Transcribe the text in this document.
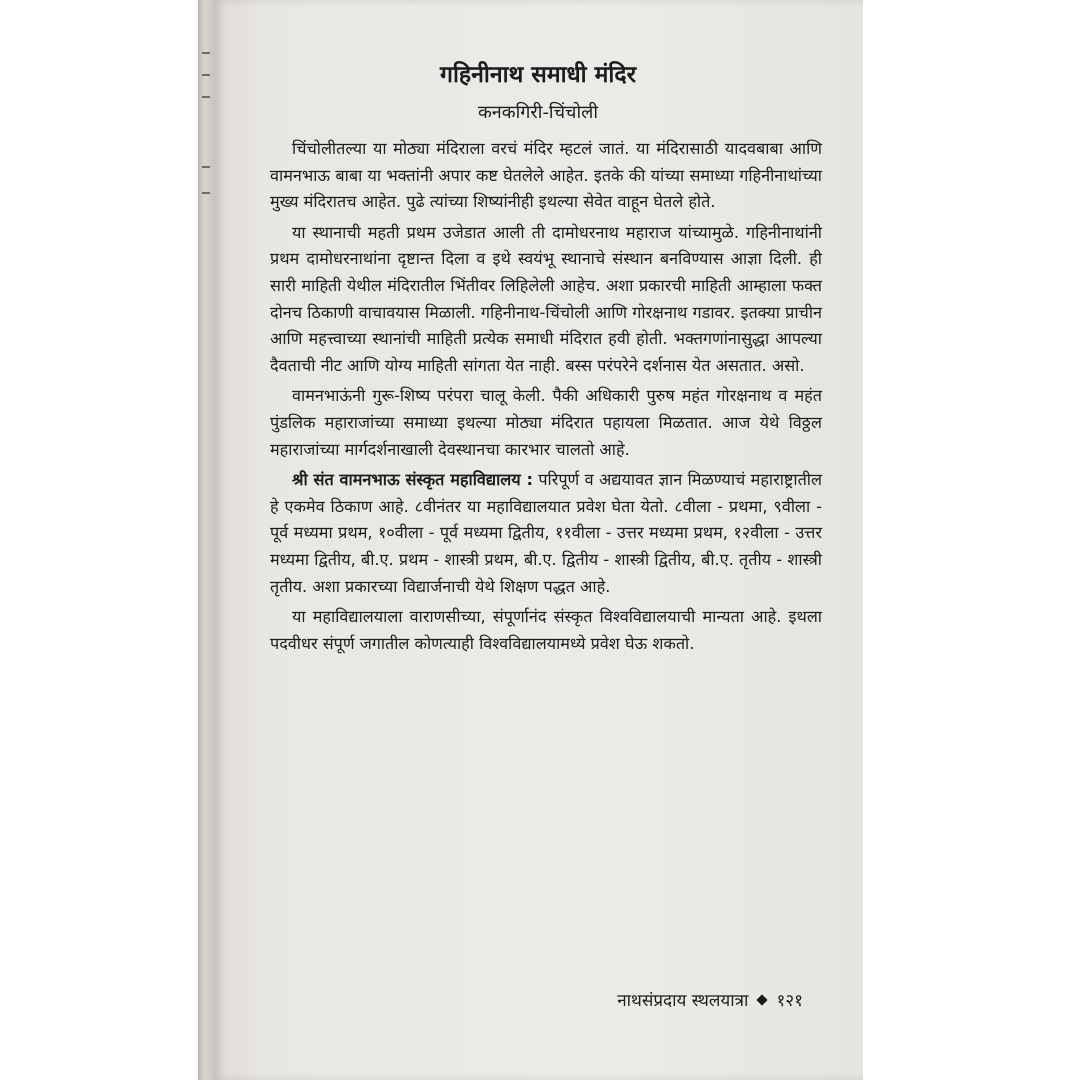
गहिनीनाथ समाधी मंदिर
कनकगिरी-चिंचोली

चिंचोलीतल्या या मोठ्या मंदिराला वरचं मंदिर म्हटलं जातं. या मंदिरासाठी यादवबाबा आणि वामनभाऊ बाबा या भक्तांनी अपार कष्ट घेतलेले आहेत. इतके की यांच्या समाध्या गहिनीनाथांच्या मुख्य मंदिरातच आहेत. पुढे त्यांच्या शिष्यांनीही इथल्या सेवेत वाहून घेतले होते.

या स्थानाची महती प्रथम उजेडात आली ती दामोधरनाथ महाराज यांच्यामुळे. गहिनीनाथांनी प्रथम दामोधरनाथांना दृष्टान्त दिला व इथे स्वयंभू स्थानाचे संस्थान बनविण्यास आज्ञा दिली. ही सारी माहिती येथील मंदिरातील भिंतीवर लिहिलेली आहेच. अशा प्रकारची माहिती आम्हाला फक्त दोनच ठिकाणी वाचावयास मिळाली. गहिनीनाथ-चिंचोली आणि गोरक्षनाथ गडावर. इतक्या प्राचीन आणि महत्त्वाच्या स्थानांची माहिती प्रत्येक समाधी मंदिरात हवी होती. भक्तगणांनासुद्धा आपल्या दैवताची नीट आणि योग्य माहिती सांगता येत नाही. बस्स परंपरेने दर्शनास येत असतात. असो.

वामनभाऊंनी गुरू-शिष्य परंपरा चालू केली. पैकी अधिकारी पुरुष महंत गोरक्षनाथ व महंत पुंडलिक महाराजांच्या समाध्या इथल्या मोठ्या मंदिरात पहायला मिळतात. आज येथे विठ्ठल महाराजांच्या मार्गदर्शनाखाली देवस्थानचा कारभार चालतो आहे.

श्री संत वामनभाऊ संस्कृत महाविद्यालय : परिपूर्ण व अद्ययावत ज्ञान मिळण्याचं महाराष्ट्रातील हे एकमेव ठिकाण आहे. ८वीनंतर या महाविद्यालयात प्रवेश घेता येतो. ८वीला - प्रथमा, ९वीला - पूर्व मध्यमा प्रथम, १०वीला - पूर्व मध्यमा द्वितीय, ११वीला - उत्तर मध्यमा प्रथम, १२वीला - उत्तर मध्यमा द्वितीय, बी.ए. प्रथम - शास्त्री प्रथम, बी.ए. द्वितीय - शास्त्री द्वितीय, बी.ए. तृतीय - शास्त्री तृतीय. अशा प्रकारच्या विद्यार्जनाची येथे शिक्षण पद्धत आहे.

या महाविद्यालयाला वाराणसीच्या, संपूर्णानंद संस्कृत विश्वविद्यालयाची मान्यता आहे. इथला पदवीधर संपूर्ण जगातील कोणत्याही विश्वविद्यालयामध्ये प्रवेश घेऊ शकतो.

नाथसंप्रदाय स्थलयात्रा १२१
